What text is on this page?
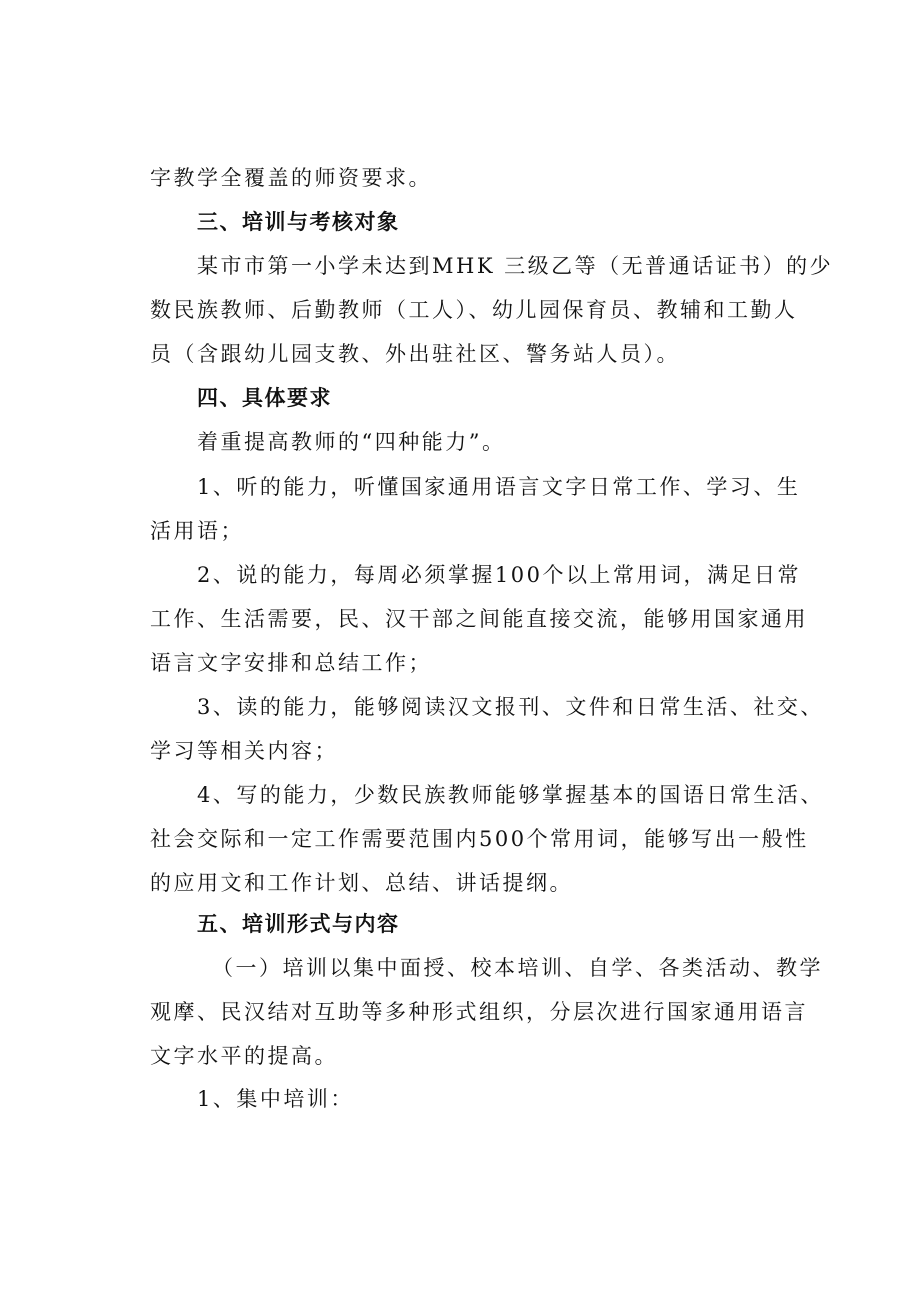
字教学全覆盖的师资要求。
三、培训与考核对象
某市市第一小学未达到MHK 三级乙等（无普通话证书）的少
数民族教师、后勤教师（工人）、幼儿园保育员、教辅和工勤人
员（含跟幼儿园支教、外出驻社区、警务站人员）。
四、具体要求
着重提高教师的“四种能力”。
1、听的能力，听懂国家通用语言文字日常工作、学习、生
活用语；
2、说的能力，每周必须掌握100个以上常用词，满足日常
工作、生活需要，民、汉干部之间能直接交流，能够用国家通用
语言文字安排和总结工作；
3、读的能力，能够阅读汉文报刊、文件和日常生活、社交、
学习等相关内容；
4、写的能力，少数民族教师能够掌握基本的国语日常生活、
社会交际和一定工作需要范围内500个常用词，能够写出一般性
的应用文和工作计划、总结、讲话提纲。
五、培训形式与内容
（一）培训以集中面授、校本培训、自学、各类活动、教学
观摩、民汉结对互助等多种形式组织，分层次进行国家通用语言
文字水平的提高。
1、集中培训：
